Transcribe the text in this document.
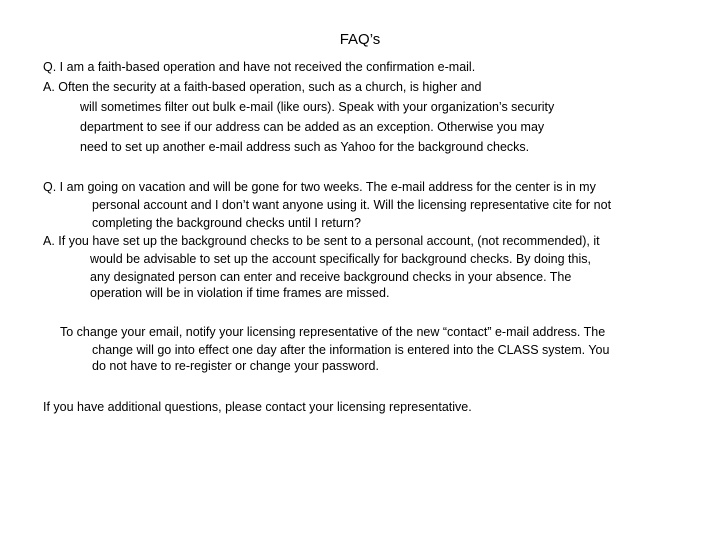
FAQ’s
Q. I am a faith-based operation and have not received the confirmation e-mail.
A. Often the security at a faith-based operation, such as a church, is higher and
will sometimes filter out bulk e-mail (like ours). Speak with your organization’s security
department to see if our address can be added as an exception. Otherwise you may
need to set up another e-mail address such as Yahoo for the background checks.
Q. I am going on vacation and will be gone for two weeks. The e-mail address for the center is in my
personal account and I don’t want anyone using it. Will the licensing representative cite for not
completing the background checks until I return?
A. If you have set up the background checks to be sent to a personal account, (not recommended), it
would be advisable to set up the account specifically for background checks. By doing this,
any designated person can enter and receive background checks in your absence. The
operation will be in violation if time frames are missed.
To change your email, notify your licensing representative of the new “contact” e-mail address. The
change will go into effect one day after the information is entered into the CLASS system. You
do not have to re-register or change your password.
If you have additional questions, please contact your licensing representative.
